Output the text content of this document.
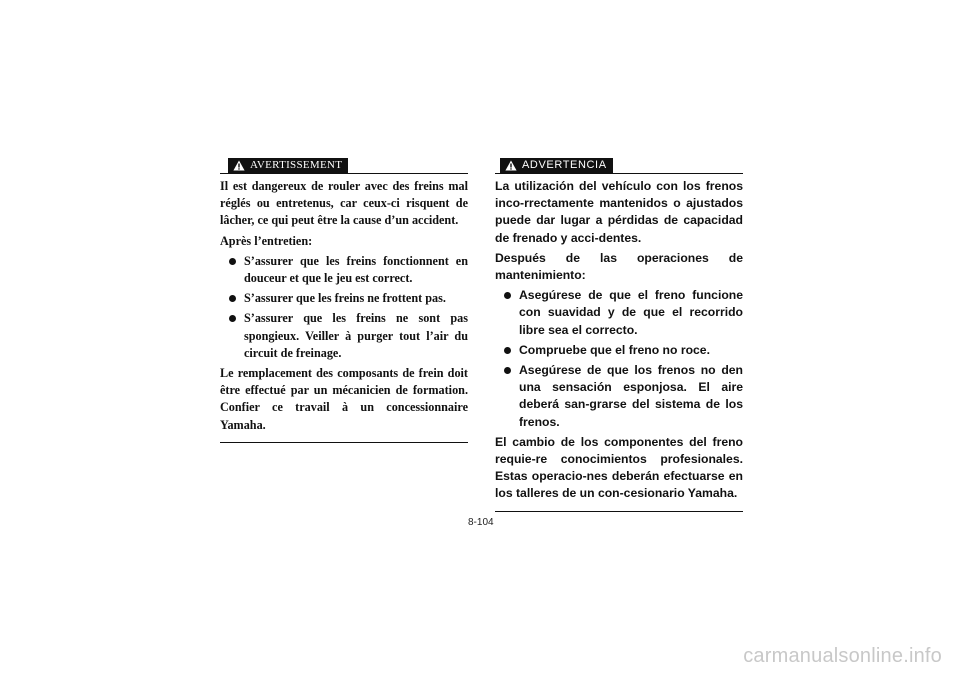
AVERTISSEMENT

Il est dangereux de rouler avec des freins mal réglés ou entretenus, car ceux-ci risquent de lâcher, ce qui peut être la cause d’un accident.

Après l’entretien:

S’assurer que les freins fonctionnent en douceur et que le jeu est correct.
S’assurer que les freins ne frottent pas.
S’assurer que les freins ne sont pas spongieux. Veiller à purger tout l’air du circuit de freinage.

Le remplacement des composants de frein doit être effectué par un mécanicien de formation. Confier ce travail à un concessionnaire Yamaha.

ADVERTENCIA

La utilización del vehículo con los frenos inco-rrectamente mantenidos o ajustados puede dar lugar a pérdidas de capacidad de frenado y acci-dentes.

Después de las operaciones de mantenimiento:

Asegúrese de que el freno funcione con suavidad y de que el recorrido libre sea el correcto.
Compruebe que el freno no roce.
Asegúrese de que los frenos no den una sensación esponjosa. El aire deberá san-grarse del sistema de los frenos.

El cambio de los componentes del freno requie-re conocimientos profesionales. Estas operacio-nes deberán efectuarse en los talleres de un con-cesionario Yamaha.

8-104
carmanualsonline.info
